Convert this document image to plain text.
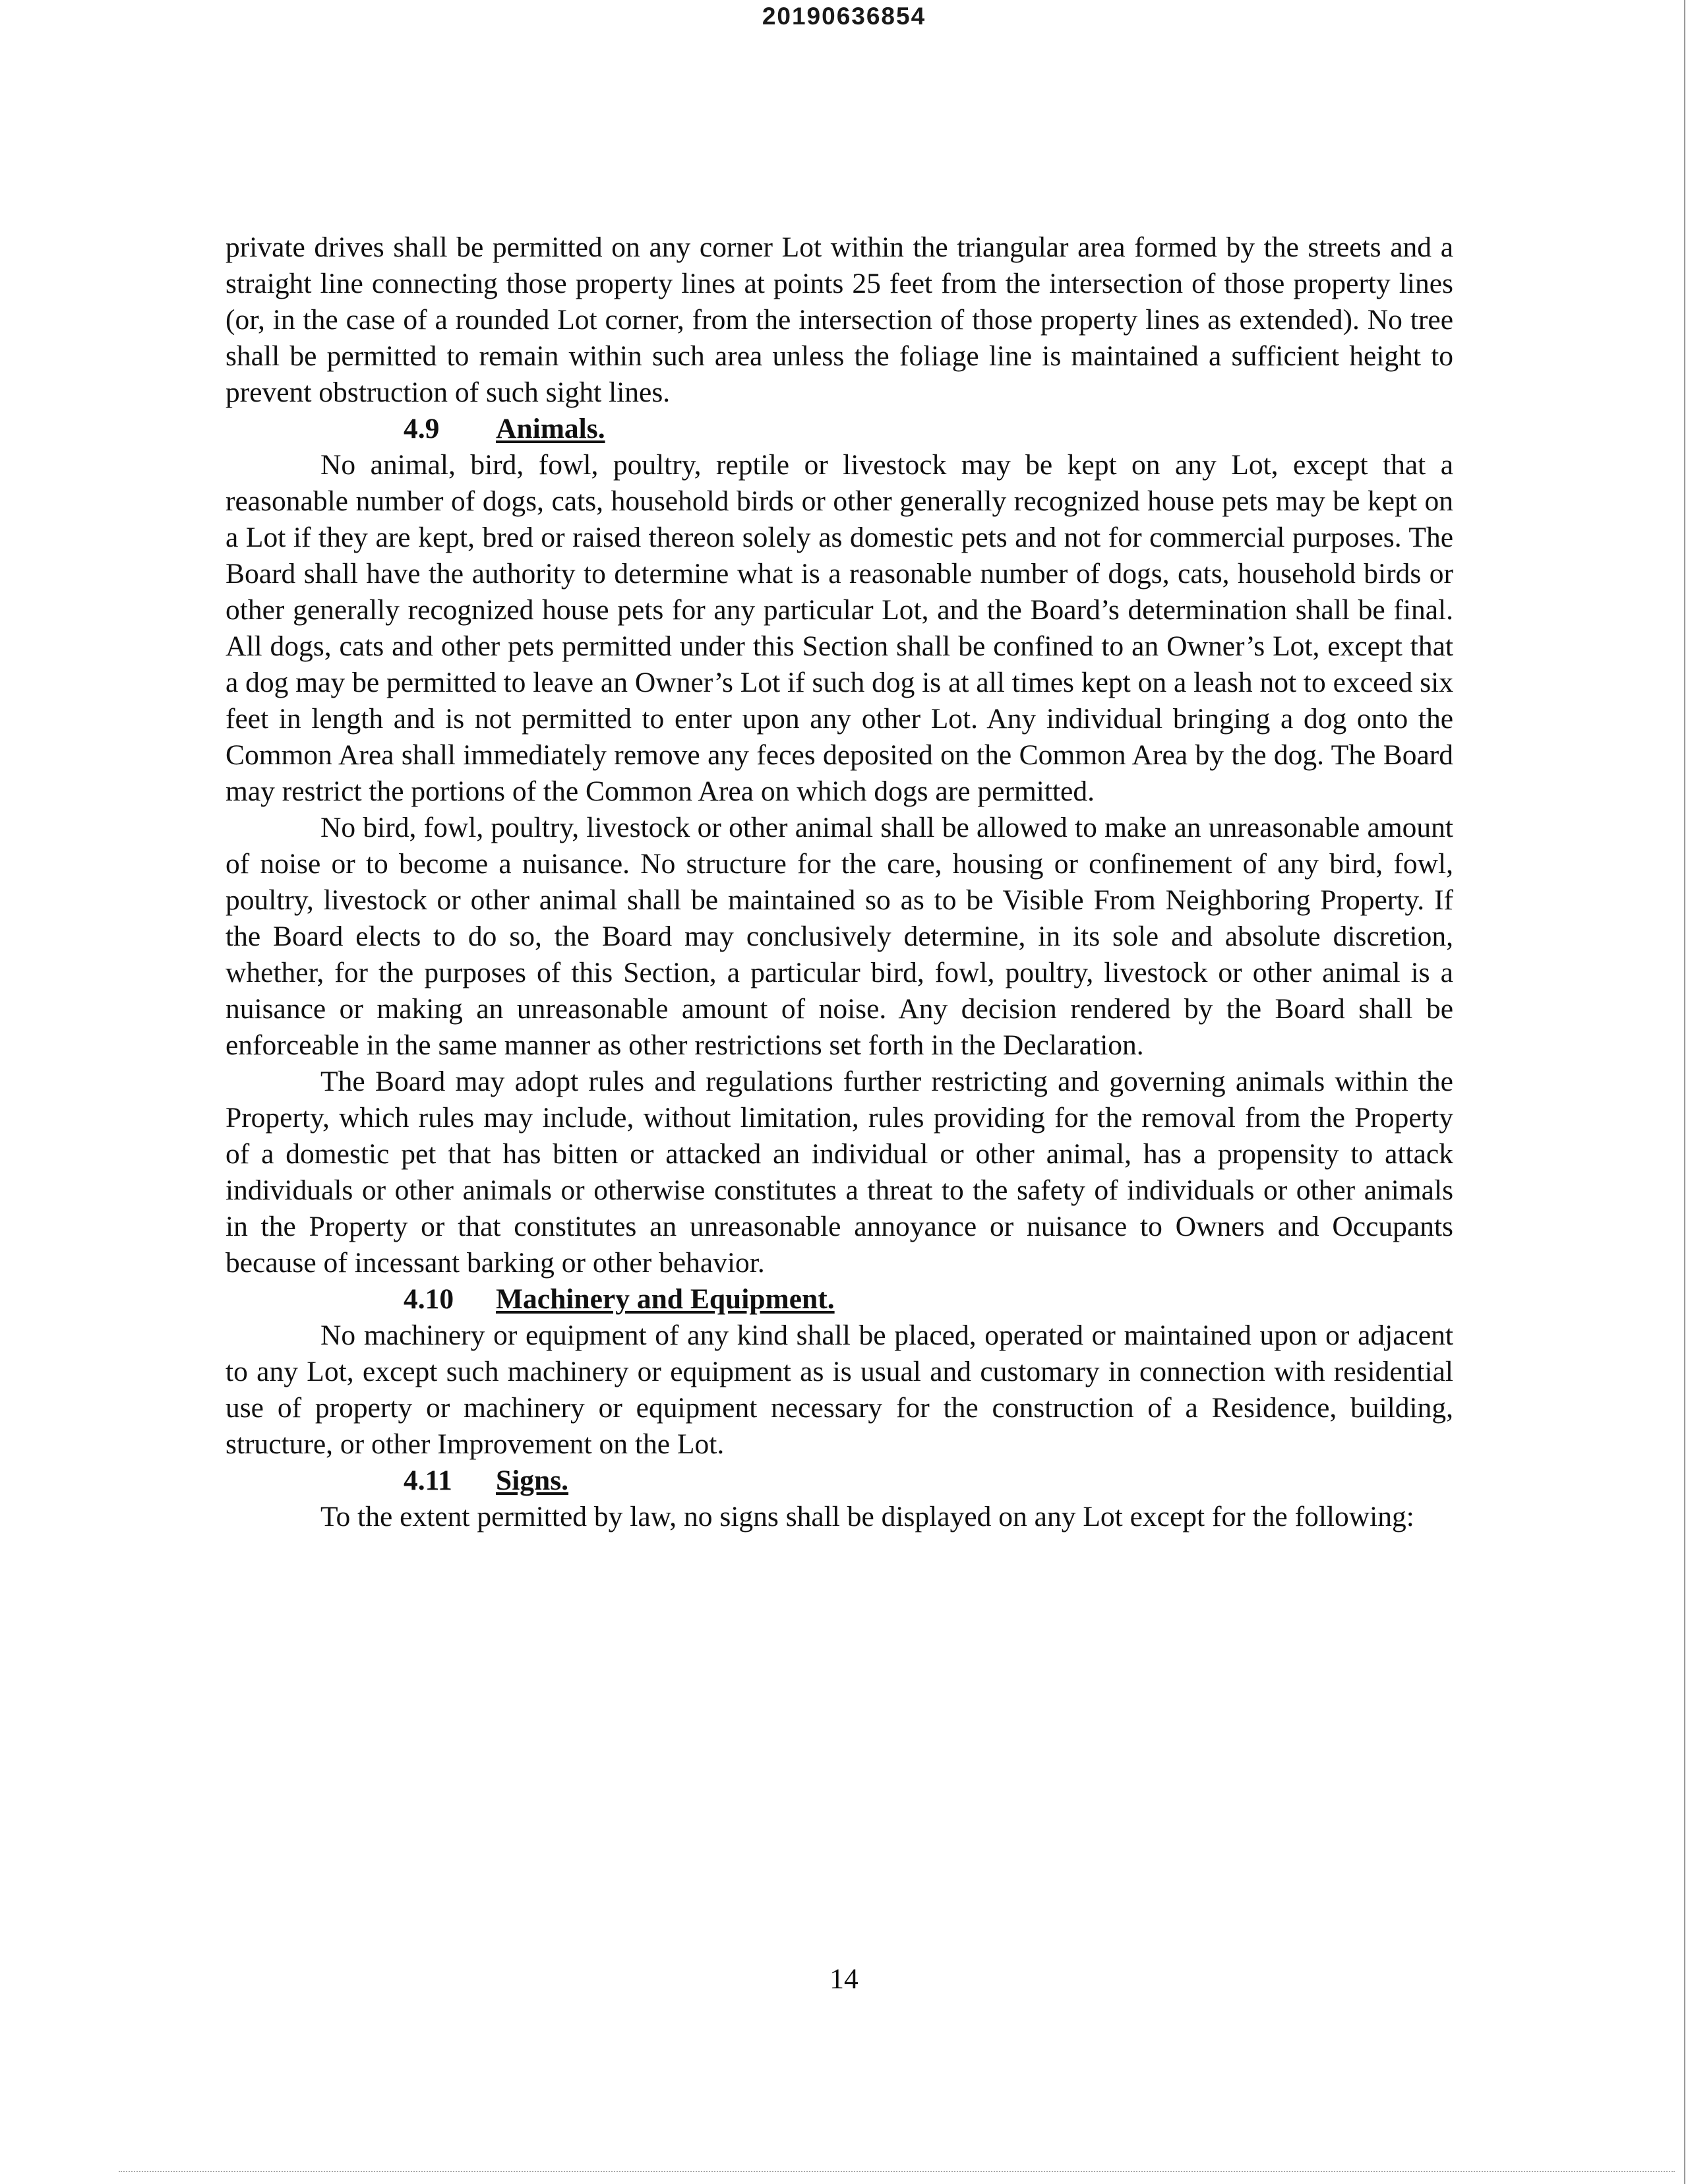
20190636854

private drives shall be permitted on any corner Lot within the triangular area formed by the streets and a straight line connecting those property lines at points 25 feet from the intersection of those property lines (or, in the case of a rounded Lot corner, from the intersection of those property lines as extended). No tree shall be permitted to remain within such area unless the foliage line is maintained a sufficient height to prevent obstruction of such sight lines.

4.9 Animals.

No animal, bird, fowl, poultry, reptile or livestock may be kept on any Lot, except that a reasonable number of dogs, cats, household birds or other generally recognized house pets may be kept on a Lot if they are kept, bred or raised thereon solely as domestic pets and not for commercial purposes. The Board shall have the authority to determine what is a reasonable number of dogs, cats, household birds or other generally recognized house pets for any particular Lot, and the Board’s determination shall be final. All dogs, cats and other pets permitted under this Section shall be confined to an Owner’s Lot, except that a dog may be permitted to leave an Owner’s Lot if such dog is at all times kept on a leash not to exceed six feet in length and is not permitted to enter upon any other Lot. Any individual bringing a dog onto the Common Area shall immediately remove any feces deposited on the Common Area by the dog. The Board may restrict the portions of the Common Area on which dogs are permitted.

No bird, fowl, poultry, livestock or other animal shall be allowed to make an unreasonable amount of noise or to become a nuisance. No structure for the care, housing or confinement of any bird, fowl, poultry, livestock or other animal shall be maintained so as to be Visible From Neighboring Property. If the Board elects to do so, the Board may conclusively determine, in its sole and absolute discretion, whether, for the purposes of this Section, a particular bird, fowl, poultry, livestock or other animal is a nuisance or making an unreasonable amount of noise. Any decision rendered by the Board shall be enforceable in the same manner as other restrictions set forth in the Declaration.

The Board may adopt rules and regulations further restricting and governing animals within the Property, which rules may include, without limitation, rules providing for the removal from the Property of a domestic pet that has bitten or attacked an individual or other animal, has a propensity to attack individuals or other animals or otherwise constitutes a threat to the safety of individuals or other animals in the Property or that constitutes an unreasonable annoyance or nuisance to Owners and Occupants because of incessant barking or other behavior.

4.10 Machinery and Equipment.

No machinery or equipment of any kind shall be placed, operated or maintained upon or adjacent to any Lot, except such machinery or equipment as is usual and customary in connection with residential use of property or machinery or equipment necessary for the construction of a Residence, building, structure, or other Improvement on the Lot.

4.11 Signs.

To the extent permitted by law, no signs shall be displayed on any Lot except for the following:

14
